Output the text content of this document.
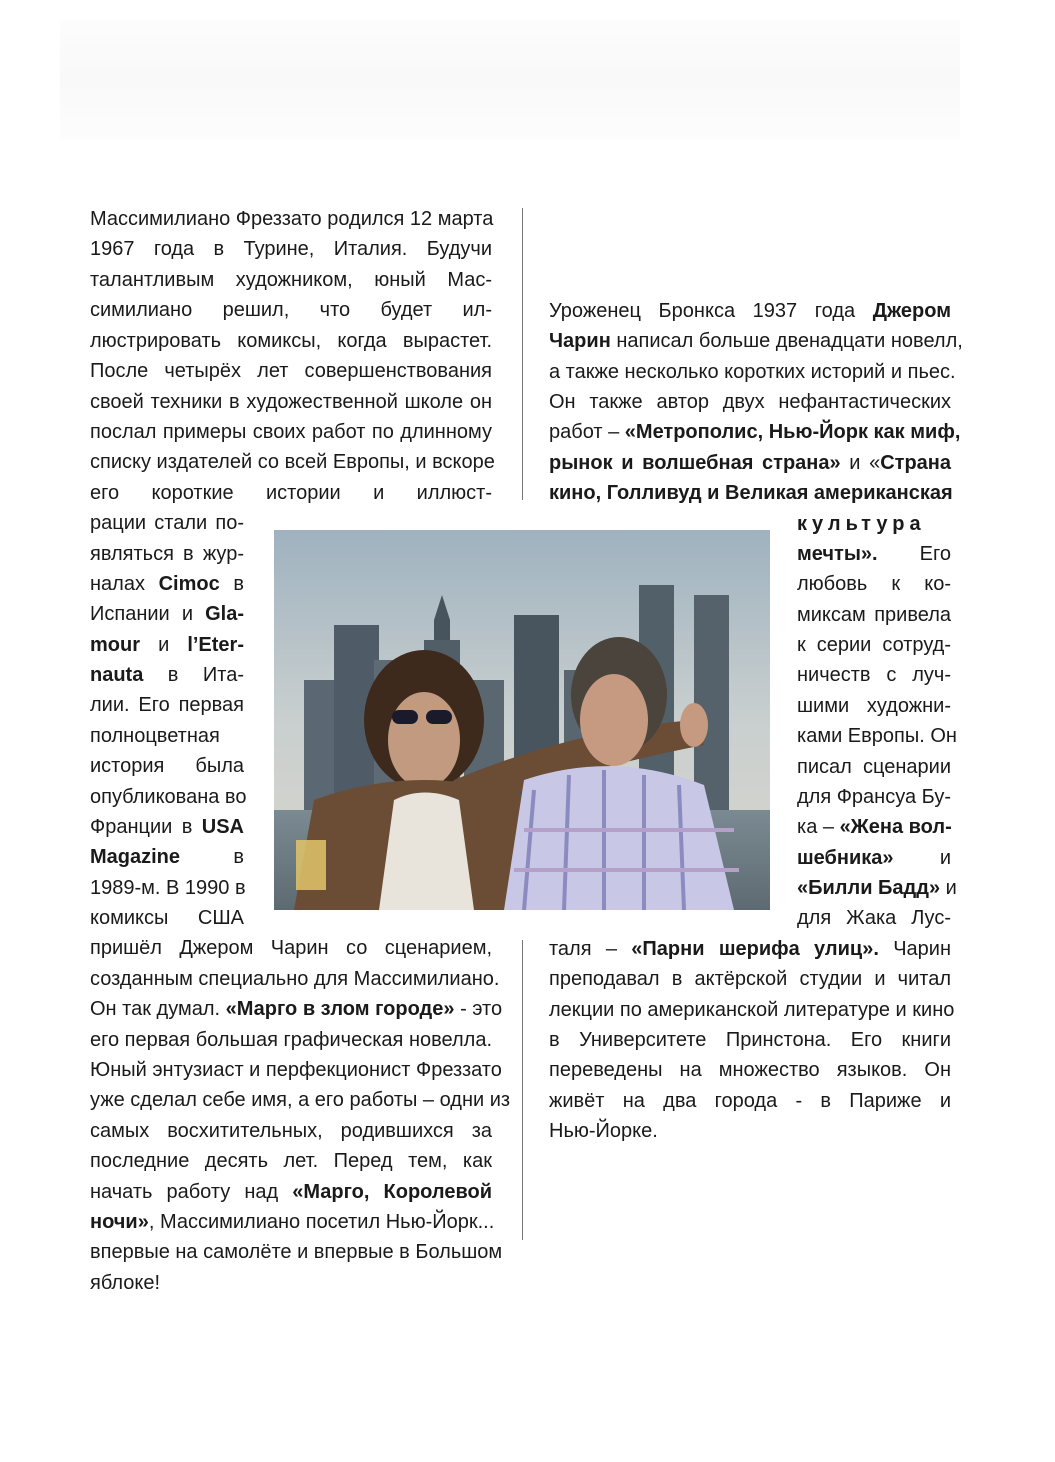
Массимилиано Фреззато родился 12 марта
1967 года в Турине, Италия. Будучи
талантливым художником, юный Мас-
симилиано решил, что будет ил-
люстрировать комиксы, когда вырастет.
После четырёх лет совершенствования
своей техники в художественной школе он
послал примеры своих работ по длинному
списку издателей со всей Европы, и вскоре
его короткие истории и иллюст-
рации стали по-
являться в жур-
налах Cimoc в
Испании и Gla-
mour и l’Eter-
nauta в Ита-
лии. Его первая
полноцветная
история была
опубликована во
Франции в USA
Magazine в
1989-м. В 1990 в
комиксы США
пришёл Джером Чарин со сценарием,
созданным специально для Массимилиано.
Он так думал. «Марго в злом городе» - это
его первая большая графическая новелла.
Юный энтузиаст и перфекционист Фреззато
уже сделал себе имя, а его работы – одни из
самых восхитительных, родившихся за
последние десять лет. Перед тем, как
начать работу над «Марго, Королевой
ночи», Массимилиано посетил Нью-Йорк...
впервые на самолёте и впервые в Большом
яблоке!
Уроженец Бронкса 1937 года Джером
Чарин написал больше двенадцати новелл,
а также несколько коротких историй и пьес.
Он также автор двух нефантастических
работ – «Метрополис, Нью-Йорк как миф,
рынок и волшебная страна» и «Страна
кино, Голливуд и Великая американская
культура
мечты». Его
любовь к ко-
миксам привела
к серии сотруд-
ничеств с луч-
шими художни-
ками Европы. Он
писал сценарии
для Франсуа Бу-
ка – «Жена вол-
шебника» и
«Билли Бадд» и
для Жака Лус-
таля – «Парни шерифа улиц». Чарин
преподавал в актёрской студии и читал
лекции по американской литературе и кино
в Университете Принстона. Его книги
переведены на множество языков. Он
живёт на два города - в Париже и
Нью-Йорке.
